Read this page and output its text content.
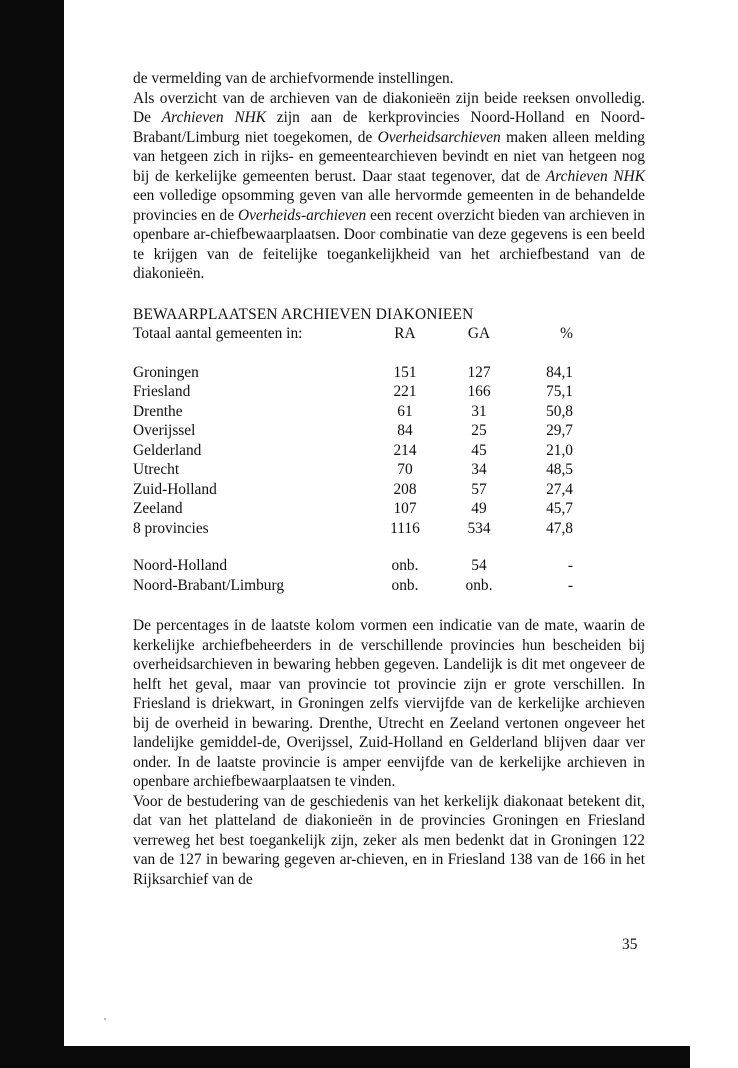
de vermelding van de archiefvormende instellingen.

Als overzicht van de archieven van de diakonieën zijn beide reeksen onvolledig. De Archieven NHK zijn aan de kerkprovincies Noord-Holland en Noord-Brabant/Limburg niet toegekomen, de Overheidsarchieven maken alleen melding van hetgeen zich in rijks- en gemeentearchieven bevindt en niet van hetgeen nog bij de kerkelijke gemeenten berust. Daar staat tegenover, dat de Archieven NHK een volledige opsomming geven van alle hervormde gemeenten in de behandelde provincies en de Overheids-archieven een recent overzicht bieden van archieven in openbare ar-chiefbewaarplaatsen. Door combinatie van deze gegevens is een beeld te krijgen van de feitelijke toegankelijkheid van het archiefbestand van de diakonieën.

BEWAARPLAATSEN ARCHIEVEN DIAKONIEEN
Totaal aantal gemeenten in:	RA	GA	%
Groningen	151	127	84,1
Friesland	221	166	75,1
Drenthe	61	31	50,8
Overijssel	84	25	29,7
Gelderland	214	45	21,0
Utrecht	70	34	48,5
Zuid-Holland	208	57	27,4
Zeeland	107	49	45,7
8 provincies	1116	534	47,8
Noord-Holland	onb.	54	-
Noord-Brabant/Limburg	onb.	onb.	-

De percentages in de laatste kolom vormen een indicatie van de mate, waarin de kerkelijke archiefbeheerders in de verschillende provincies hun bescheiden bij overheidsarchieven in bewaring hebben gegeven. Landelijk is dit met ongeveer de helft het geval, maar van provincie tot provincie zijn er grote verschillen. In Friesland is driekwart, in Groningen zelfs viervijfde van de kerkelijke archieven bij de overheid in bewaring. Drenthe, Utrecht en Zeeland vertonen ongeveer het landelijke gemiddel-de, Overijssel, Zuid-Holland en Gelderland blijven daar ver onder. In de laatste provincie is amper eenvijfde van de kerkelijke archieven in openbare archiefbewaarplaatsen te vinden.

Voor de bestudering van de geschiedenis van het kerkelijk diakonaat betekent dit, dat van het platteland de diakonieën in de provincies Groningen en Friesland verreweg het best toegankelijk zijn, zeker als men bedenkt dat in Groningen 122 van de 127 in bewaring gegeven ar-chieven, en in Friesland 138 van de 166 in het Rijksarchief van de

35
